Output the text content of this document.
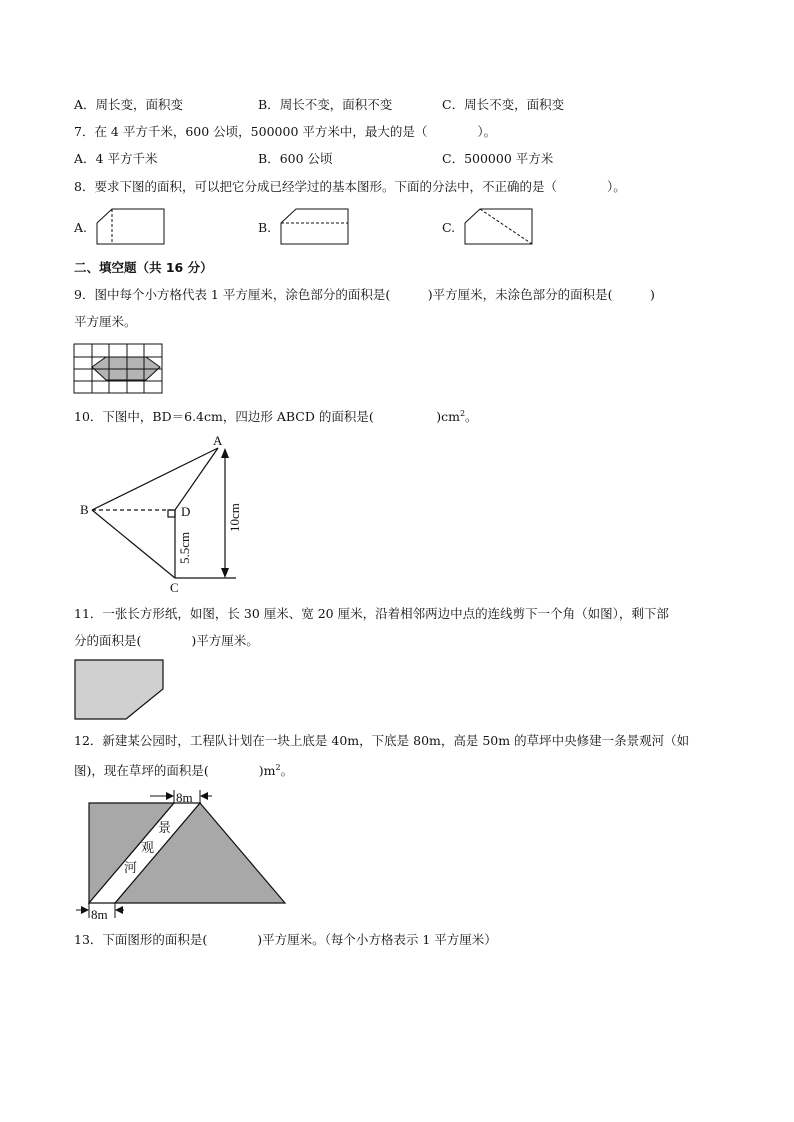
A．周长变，面积变	B．周长不变，面积不变	C．周长不变，面积变
7．在 4 平方千米，600 公顷，500000 平方米中，最大的是（　　　　）。
A．4 平方千米	B．600 公顷	C．500000 平方米
8．要求下图的面积，可以把它分成已经学过的基本图形。下面的分法中，不正确的是（　　　　）。
A.	B.	C.
二、填空题（共 16 分）
9．图中每个小方格代表 1 平方厘米，涂色部分的面积是(　　　)平方厘米，未涂色部分的面积是(　　　)
平方厘米。
10．下图中，BD＝6.4cm，四边形 ABCD 的面积是(　　　　　)$cm^2$。
A
B
C
D	10cm
5.5cm
11．一张长方形纸，如图，长 30 厘米、宽 20 厘米，沿着相邻两边中点的连线剪下一个角（如图），剩下部
分的面积是(　　　　)平方厘米。
12．新建某公园时，工程队计划在一块上底是 40m，下底是 80m，高是 50m 的草坪中央修建一条景观河（如
图)，现在草坪的面积是(　　　　)$m^2$。
8m
8m
景
观
河
13．下面图形的面积是(　　　　)平方厘米。（每个小方格表示 1 平方厘米）
